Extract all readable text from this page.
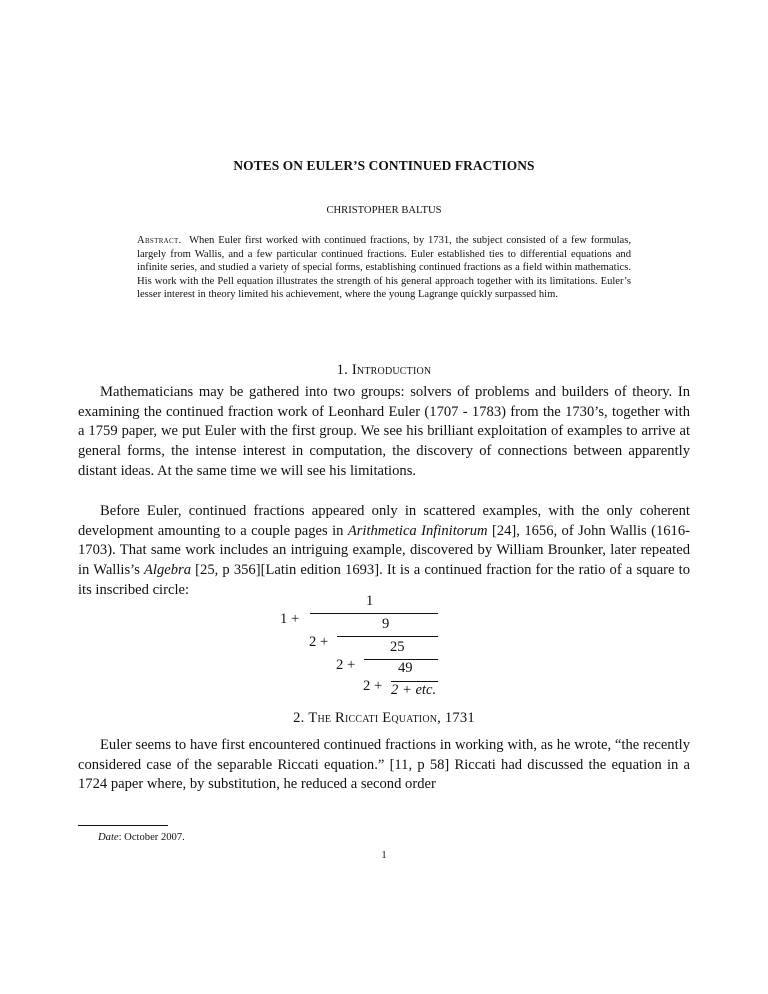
NOTES ON EULER’S CONTINUED FRACTIONS
CHRISTOPHER BALTUS
Abstract. When Euler first worked with continued fractions, by 1731, the subject consisted of a few formulas, largely from Wallis, and a few particular continued fractions. Euler established ties to differential equations and infinite series, and studied a variety of special forms, establishing continued fractions as a field within mathematics. His work with the Pell equation illustrates the strength of his general approach together with its limitations. Euler’s lesser interest in theory limited his achievement, where the young Lagrange quickly surpassed him.
1. Introduction

Mathematicians may be gathered into two groups: solvers of problems and builders of theory. In examining the continued fraction work of Leonhard Euler (1707 - 1783) from the 1730’s, together with a 1759 paper, we put Euler with the first group. We see his brilliant exploitation of examples to arrive at general forms, the intense interest in computation, the discovery of connections between apparently distant ideas. At the same time we will see his limitations.

Before Euler, continued fractions appeared only in scattered examples, with the only coherent development amounting to a couple pages in Arithmetica Infinitorum [24], 1656, of John Wallis (1616-1703). That same work includes an intriguing example, discovered by William Brounker, later repeated in Wallis’s Algebra [25, p 356][Latin edition 1693]. It is a continued fraction for the ratio of a square to its inscribed circle:

1 +
1
2 +
9
2 +
25
2 +
49
2 + etc.
2. The Riccati Equation, 1731

Euler seems to have first encountered continued fractions in working with, as he wrote, “the recently considered case of the separable Riccati equation.” [11, p 58] Riccati had discussed the equation in a 1724 paper where, by substitution, he reduced a second order

Date: October 2007.
1
